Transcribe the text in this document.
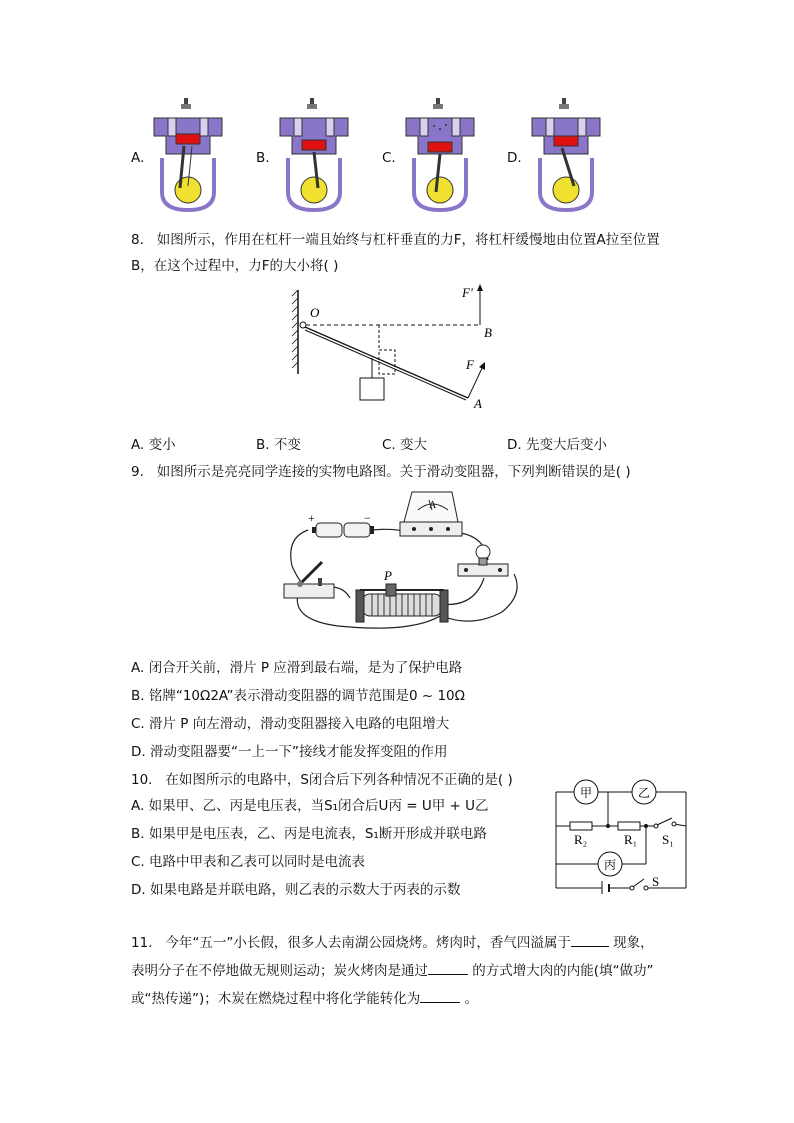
A.	B.	C.	D.
8. 如图所示，作用在杠杆一端且始终与杠杆垂直的力F，将杠杆缓慢地由位置A拉至位置
B，在这个过程中，力F的大小将( )
O
B
A
F
F'
A. 变小	B. 不变	C. 变大	D. 先变大后变小
9. 如图所示是亮亮同学连接的实物电路图。关于滑动变阻器，下列判断错误的是( )
+	−
A
P
A. 闭合开关前，滑片 P 应滑到最右端，是为了保护电路
B. 铭牌“10Ω2A”表示滑动变阻器的调节范围是0 ~ 10Ω
C. 滑片 P 向左滑动，滑动变阻器接入电路的电阻增大
D. 滑动变阻器要“一上一下”接线才能发挥变阻的作用
10. 在如图所示的电路中，S闭合后下列各种情况不正确的是( )
A. 如果甲、乙、丙是电压表，当S₁闭合后U丙 = U甲 + U乙
B. 如果甲是电压表，乙、丙是电流表，S₁断开形成并联电路
C. 电路中甲表和乙表可以同时是电流表
D. 如果电路是并联电路，则乙表的示数大于丙表的示数
甲	乙
丙
R₂	R₁ S₁
S
11. 今年“五一”小长假，很多人去南湖公园烧烤。烤肉时，香气四溢属于	现象，
表明分子在不停地做无规则运动；炭火烤肉是通过	的方式增大肉的内能(填“做功”
或“热传递”)；木炭在燃烧过程中将化学能转化为	。
